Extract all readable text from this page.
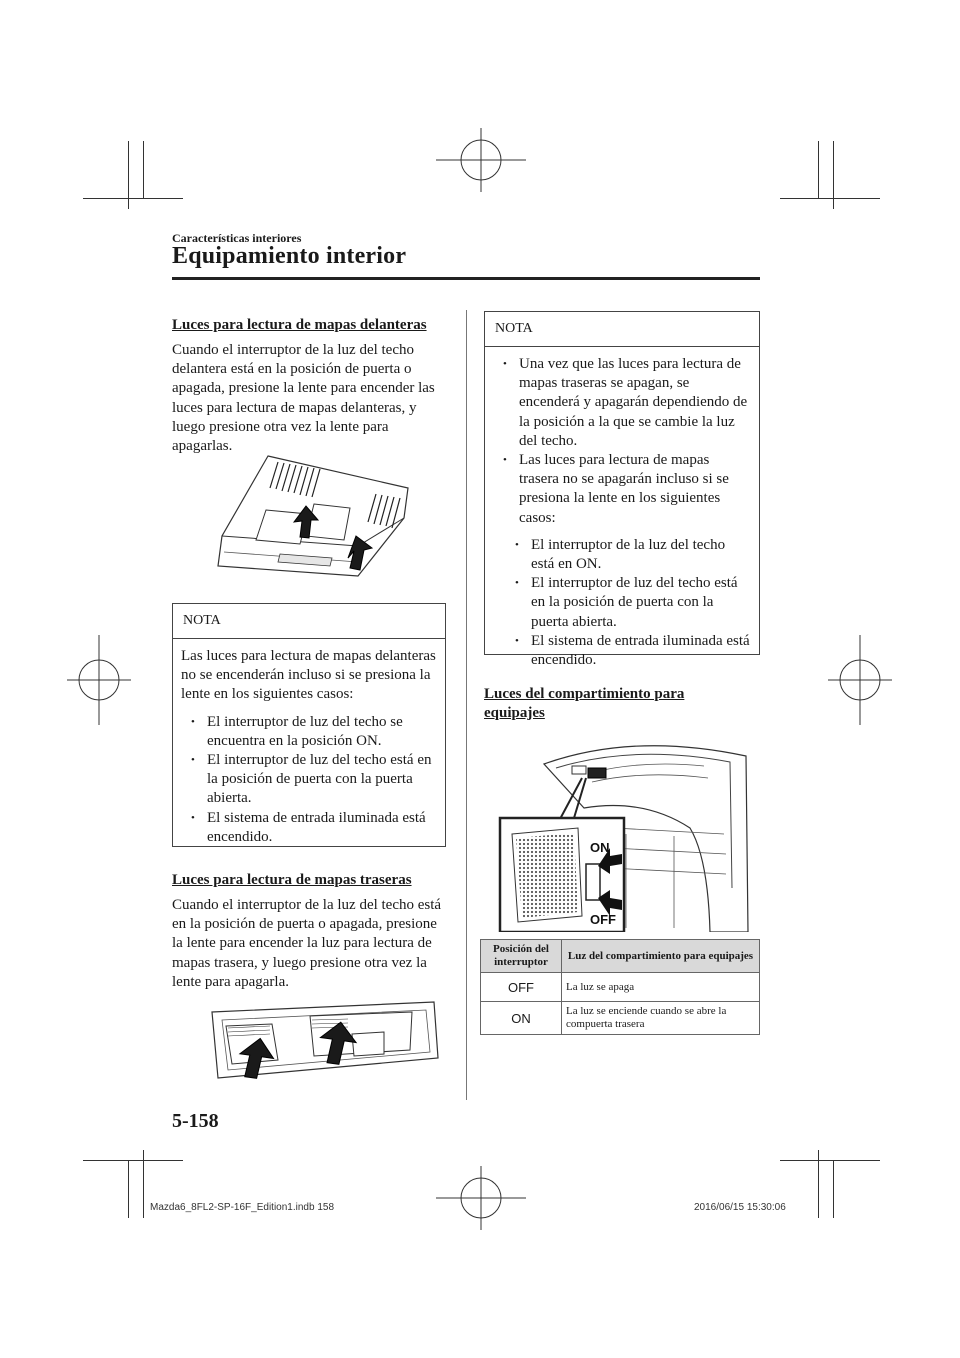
Características interiores
Equipamiento interior
Luces para lectura de mapas delanteras

Cuando el interruptor de la luz del techo delantera está en la posición de puerta o apagada, presione la lente para encender las luces para lectura de mapas delanteras, y luego presione otra vez la lente para apagarlas.

NOTA

Las luces para lectura de mapas delanteras no se encenderán incluso si se presiona la lente en los siguientes casos:

• El interruptor de luz del techo se encuentra en la posición ON.
• El interruptor de luz del techo está en la posición de puerta con la puerta abierta.
• El sistema de entrada iluminada está encendido.
Luces para lectura de mapas traseras

Cuando el interruptor de la luz del techo está en la posición de puerta o apagada, presione la lente para encender la luz para lectura de mapas trasera, y luego presione otra vez la lente para apagarla.

NOTA
• Una vez que las luces para lectura de mapas traseras se apagan, se encenderá y apagarán dependiendo de la posición a la que se cambie la luz del techo.
• Las luces para lectura de mapas trasera no se apagarán incluso si se presiona la lente en los siguientes casos:
• El interruptor de la luz del techo está en ON.
• El interruptor de luz del techo está en la posición de puerta con la puerta abierta.
• El sistema de entrada iluminada está encendido.
Luces del compartimiento para
equipajes
ON
OFF
Posición del interruptor	Luz del compartimiento para equipajes
OFF	La luz se apaga
ON	La luz se enciende cuando se abre la compuerta trasera
5-158
Mazda6_8FL2-SP-16F_Edition1.indb 158	2016/06/15 15:30:06
